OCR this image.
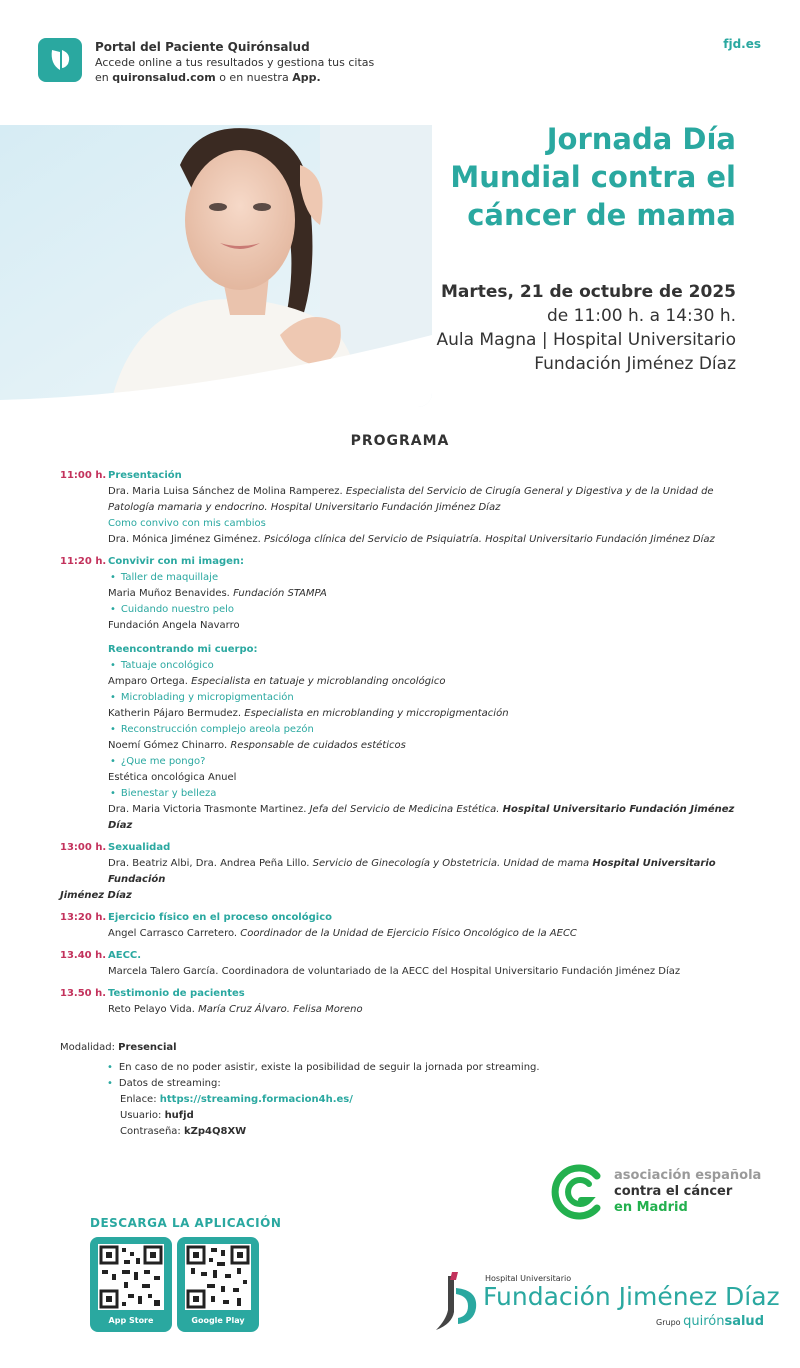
Portal del Paciente Quirónsalud
Accede online a tus resultados y gestiona tus citas
en quironsalud.com o en nuestra App.
fjd.es
Jornada Día
Mundial contra el
cáncer de mama
Martes, 21 de octubre de 2025
de 11:00 h. a 14:30 h.
Aula Magna | Hospital Universitario
Fundación Jiménez Díaz
PROGRAMA
11:00 h. Presentación
Dra. Maria Luisa Sánchez de Molina Ramperez. Especialista del Servicio de Cirugía General y Digestiva y de la Unidad de Patología mamaria y endocrino. Hospital Universitario Fundación Jiménez Díaz
Como convivo con mis cambios
Dra. Mónica Jiménez Giménez. Psicóloga clínica del Servicio de Psiquiatría. Hospital Universitario Fundación Jiménez Díaz
11:20 h. Convivir con mi imagen:
• Taller de maquillaje
Maria Muñoz Benavides. Fundación STAMPA
• Cuidando nuestro pelo
Fundación Angela Navarro
Reencontrando mi cuerpo:
• Tatuaje oncológico
Amparo Ortega. Especialista en tatuaje y microblanding oncológico
• Microblading y micropigmentación
Katherin Pájaro Bermudez. Especialista en microblanding y miccropigmentación
• Reconstrucción complejo areola pezón
Noemí Gómez Chinarro. Responsable de cuidados estéticos
• ¿Que me pongo?
Estética oncológica Anuel
• Bienestar y belleza
Dra. Maria Victoria Trasmonte Martinez. Jefa del Servicio de Medicina Estética. Hospital Universitario Fundación Jiménez Díaz
13:00 h. Sexualidad
Dra. Beatriz Albi, Dra. Andrea Peña Lillo. Servicio de Ginecología y Obstetricia. Unidad de mama Hospital Universitario Fundación
Jiménez Díaz
13:20 h. Ejercicio físico en el proceso oncológico
Angel Carrasco Carretero. Coordinador de la Unidad de Ejercicio Físico Oncológico de la AECC
13.40 h. AECC.
Marcela Talero García. Coordinadora de voluntariado de la AECC del Hospital Universitario Fundación Jiménez Díaz
13.50 h. Testimonio de pacientes
Reto Pelayo Vida. María Cruz Álvaro. Felisa Moreno
Modalidad: Presencial
• En caso de no poder asistir, existe la posibilidad de seguir la jornada por streaming.
• Datos de streaming:
Enlace: https://streaming.formacion4h.es/
Usuario: hufjd
Contraseña: kZp4Q8XW
asociación española
contra el cáncer
en Madrid
DESCARGA LA APLICACIÓN
App Store	Google Play
Hospital Universitario
Fundación Jiménez Díaz
Grupo quirónsalud
